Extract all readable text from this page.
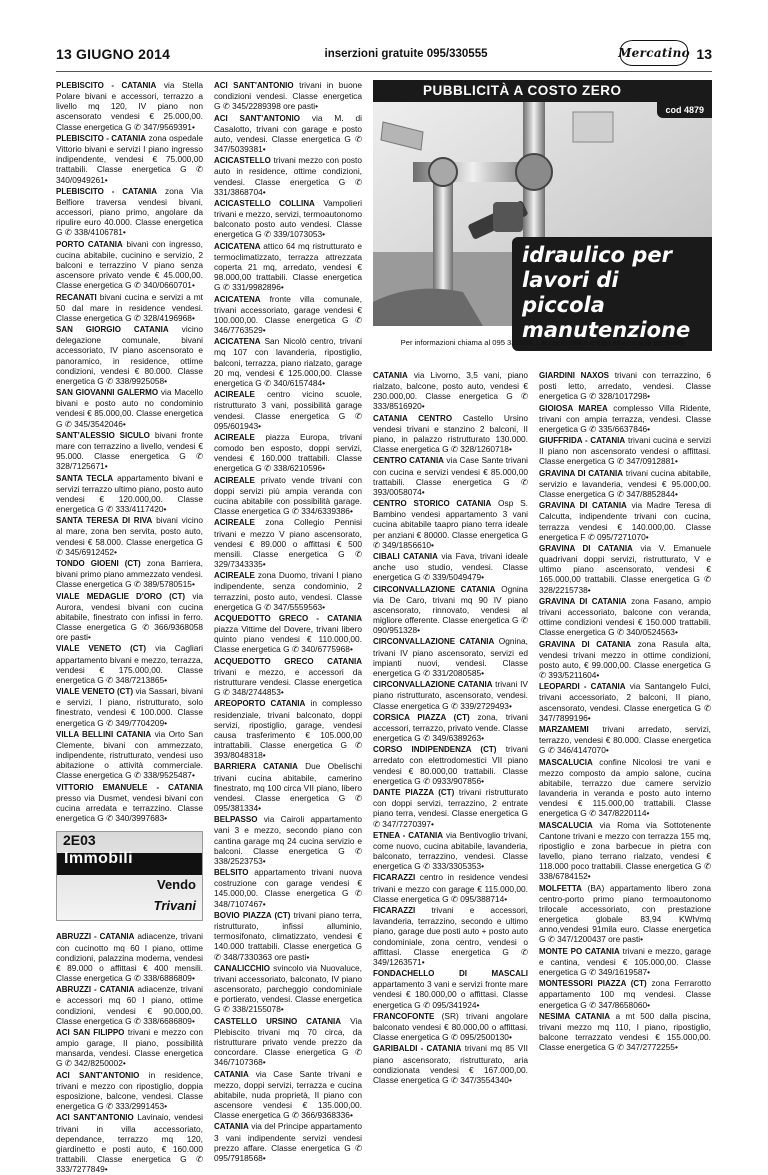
13 GIUGNO 2014	inserzioni gratuite 095/330555	Mercatino 13
PLEBISCITO - CATANIA via Stella Polare bivani e accessori, terrazzo a livello mq 120, IV piano non ascensorato vendesi € 25.000,00. Classe energetica G ✆ 347/9569391•
PLEBISCITO - CATANIA zona ospedale Vittorio bivani e servizi I piano ingresso indipendente, vendesi € 75.000,00 trattabili. Classe energetica G ✆ 340/0949261•
PLEBISCITO - CATANIA zona Via Belfiore traversa vendesi bivani, accessori, piano primo, angolare da ripulire euro 40.000. Classe energetica G ✆ 338/4106781•
PORTO CATANIA bivani con ingresso, cucina abitabile, cucinino e servizio, 2 balconi e terrazzino V piano senza ascensore privato vende € 45.000,00. Classe energetica G ✆ 340/0660701•
RECANATI bivani cucina e servizi a mt 50 dal mare in residence vendesi. Classe energetica G ✆ 328/4196968•
SAN GIORGIO CATANIA vicino delegazione comunale, bivani accessoriato, IV piano ascensorato e panoramico, in residence, ottime condizioni, vendesi € 80.000. Classe energetica G ✆ 338/9925058•
SAN GIOVANNI GALERMO via Macello bivani e posto auto no condominio vendesi € 85.000,00. Classe energetica G ✆ 345/3542046•
SANT'ALESSIO SICULO bivani fronte mare con terrazzino a livello, vendesi € 95.000. Classe energetica G ✆ 328/7125671•
SANTA TECLA appartamento bivani e servizi terrazzo ultimo piano, posto auto vendesi € 120.000,00. Classe energetica G ✆ 333/4117420•
SANTA TERESA DI RIVA bivani vicino al mare, zona ben servita, posto auto, vendesi € 58.000. Classe energetica G ✆ 345/6912452•
TONDO GIOENI (CT) zona Barriera, bivani primo piano ammezzato vendesi. Classe energetica G ✆ 389/5780515•
VIALE MEDAGLIE D'ORO (CT) via Aurora, vendesi bivani con cucina abitabile, finestrato con infissi in ferro. Classe energetica G ✆ 366/9368058 ore pasti•
VIALE VENETO (CT) via Cagliari appartamento bivani e mezzo, terrazza, vendesi € 175.000,00. Classe energetica G ✆ 348/7213865•
VIALE VENETO (CT) via Sassari, bivani e servizi, I piano, ristrutturato, solo finestrato, vendesi € 100.000. Classe energetica G ✆ 349/7704209•
VILLA BELLINI CATANIA via Orto San Clemente, bivani con ammezzato, indipendente, ristrutturato, vendesi uso abitazione o attività commerciale. Classe energetica G ✆ 338/9525487•
VITTORIO EMANUELE - CATANIA presso via Dusmet, vendesi bivani con cucina arredata e terrazzino. Classe energetica G ✆ 340/3997683•
2E03
Immobili
Vendo
Trivani
ABRUZZI - CATANIA adiacenze, trivani con cucinotto mq 60 I piano, ottime condizioni, palazzina moderna, vendesi € 89.000 o affittasi € 400 mensili. Classe energetica G ✆ 338/6886809•
ABRUZZI - CATANIA adiacenze, trivani e accessori mq 60 I piano, ottime condizioni, vendesi € 90.000,00. Classe energetica G ✆ 338/6686809•
ACI SAN FILIPPO trivani e mezzo con ampio garage, II piano, possibilità mansarda, vendesi. Classe energetica G ✆ 342/8250002•
ACI SANT'ANTONIO in residence, trivani e mezzo con ripostiglio, doppia esposizione, balcone, vendesi. Classe energetica G ✆ 333/2991453•
ACI SANT'ANTONIO Lavinaio, vendesi trivani in villa accessoriato, dependance, terrazzo mq 120, giardinetto e posti auto, € 160.000 trattabili. Classe energetica G ✆ 333/7277849•
ACI SANT'ANTONIO trivani in buone condizioni vendesi. Classe energetica G ✆ 345/2289398 ore pasti•
ACI SANT'ANTONIO via M. di Casalotto, trivani con garage e posto auto, vendesi. Classe energetica G ✆ 347/5039381•
ACICASTELLO trivani mezzo con posto auto in residence, ottime condizioni, vendesi. Classe energetica G ✆ 331/3868704•
ACICASTELLO COLLINA Vampolieri trivani e mezzo, servizi, termoautonomo balconato posto auto vendesi. Classe energetica G ✆ 339/1073053•
ACICATENA attico 64 mq ristrutturato e termoclimatizzato, terrazza attrezzata coperta 21 mq, arredato, vendesi € 98.000,00 trattabili. Classe energetica G ✆ 331/9982896•
ACICATENA fronte villa comunale, trivani accessoriato, garage vendesi € 100.000,00. Classe energetica G ✆ 346/7763529•
ACICATENA San Nicolò centro, trivani mq 107 con lavanderia, ripostiglio, balconi, terrazza, piano rialzato, garage 20 mq, vendesi € 125.000,00. Classe energetica G ✆ 340/6157484•
ACIREALE centro vicino scuole, ristrutturato 3 vani, possibilità garage vendesi. Classe energetica G ✆ 095/601943•
ACIREALE piazza Europa, trivani comodo ben esposto, doppi servizi, vendesi € 160.000 trattabili. Classe energetica G ✆ 338/6210596•
ACIREALE privato vende trivani con doppi servizi più ampia veranda con cucina abitabile con possibilità garage. Classe energetica G ✆ 334/6339386•
ACIREALE zona Collegio Pennisi trivani e mezzo V piano ascensorato, vendesi € 89.000 o affittasi € 500 mensili. Classe energetica G ✆ 329/7343335•
ACIREALE zona Duomo, trivani I piano indipendente, senza condominio, 2 terrazzini, posto auto, vendesi. Classe energetica G ✆ 347/5559563•
ACQUEDOTTO GRECO - CATANIA piazza Vittime del Dovere, trivani libero quinto piano vendesi € 110.000,00. Classe energetica G ✆ 340/6775968•
ACQUEDOTTO GRECO CATANIA trivani e mezzo, e accessori da ristrutturare vendesi. Classe energetica G ✆ 348/2744853•
AREOPORTO CATANIA in complesso residenziale, trivani balconato, doppi servizi, ripostiglio, garage, vendesi causa trasferimento € 105.000,00 intrattabili. Classe energetica G ✆ 393/8048318•
BARRIERA CATANIA Due Obelischi trivani cucina abitabile, camerino finestrato, mq 100 circa VII piano, libero vendesi. Classe energetica G ✆ 095/381334•
BELPASSO via Cairoli appartamento vani 3 e mezzo, secondo piano con cantina garage mq 24 cucina servizio e balconi. Classe energetica G ✆ 338/2523753•
BELSITO appartamento trivani nuova costruzione con garage vendesi € 145.000,00. Classe energetica G ✆ 348/7107467•
BOVIO PIAZZA (CT) trivani piano terra, ristrutturato, infissi alluminio, termosifonato, climatizzato, vendesi € 140.000 trattabili. Classe energetica G ✆ 348/7330363 ore pasti•
CANALICCHIO svincolo via Nuovaluce, trivani accessoriato, balconato, IV piano ascensorato, parcheggio condominiale e portierato, vendesi. Classe energetica G ✆ 338/2155078•
CASTELLO URSINO CATANIA Via Plebiscito trivani mq 70 circa, da ristrutturare privato vende prezzo da concordare. Classe energetica G ✆ 346/7107368•
CATANIA via Case Sante trivani e mezzo, doppi servizi, terrazza e cucina abitabile, nuda proprietà, II piano con ascensore vendesi € 135.000,00. Classe energetica G ✆ 366/9368336•
CATANIA via del Principe appartamento 3 vani indipendente servizi vendesi prezzo affare. Classe energetica G ✆ 095/7918568•
PUBBLICITÀ A COSTO ZERO
cod 4879
idraulico per lavori di
piccola manutenzione
Per informazioni chiama al 095 330555. Lascia il codice e dai i tuoi recapiti personali
CATANIA via Livorno, 3,5 vani, piano rialzato, balcone, posto auto, vendesi € 230.000,00. Classe energetica G ✆ 333/8516920•
CATANIA CENTRO Castello Ursino vendesi trivani e stanzino 2 balconi, II piano, in palazzo ristrutturato 130.000. Classe energetica G ✆ 328/1260718•
CENTRO CATANIA via Case Sante trivani con cucina e servizi vendesi € 85.000,00 trattabili. Classe energetica G ✆ 393/0058074•
CENTRO STORICO CATANIA Osp S. Bambino vendesi appartamento 3 vani cucina abitabile taapro piano terra ideale per anziani € 80000. Classe energetica G ✆ 349/1856610•
CIBALI CATANIA via Fava, trivani ideale anche uso studio, vendesi. Classe energetica G ✆ 339/5049479•
CIRCONVALLAZIONE CATANIA Ognina via De Caro, trivani mq 90 IV piano ascensorato, rinnovato, vendesi al migliore offerente. Classe energetica G ✆ 090/951328•
CIRCONVALLAZIONE CATANIA Ognina, trivani IV piano ascensorato, servizi ed impianti nuovi, vendesi. Classe energetica G ✆ 331/2080585•
CIRCONVALLAZIONE CATANIA trivani IV piano ristrutturato, ascensorato, vendesi. Classe energetica G ✆ 339/2729493•
CORSICA PIAZZA (CT) zona, trivani accessori, terrazzo, privato vende. Classe energetica G ✆ 349/6389263•
CORSO INDIPENDENZA (CT) trivani arredato con elettrodomestici VII piano vendesi € 80.000,00 trattabili. Classe energetica G ✆ 0933/907856•
DANTE PIAZZA (CT) trivani ristrutturato con doppi servizi, terrazzino, 2 entrate piano terra, vendesi. Classe energetica G ✆ 347/7270397•
ETNEA - CATANIA via Bentivoglio trivani, come nuovo, cucina abitabile, lavanderia, balconato, terrazzino, vendesi. Classe energetica G ✆ 333/3305353•
FICARAZZI centro in residence vendesi trivani e mezzo con garage € 115.000,00. Classe energetica G ✆ 095/388714•
FICARAZZI trivani e accessori, lavanderia, terrazzino, secondo e ultimo piano, garage due posti auto + posto auto condominiale, zona centro, vendesi o affittasi. Classe energetica G ✆ 349/1263571•
FONDACHELLO DI MASCALI appartamento 3 vani e servizi fronte mare vendesi € 180.000,00 o affittasi. Classe energetica G ✆ 095/341924•
FRANCOFONTE (SR) trivani angolare balconato vendesi € 80.000,00 o affittasi. Classe energetica G ✆ 095/2500130•
GARIBALDI - CATANIA trivani mq 85 VII piano ascensorato, ristrutturato, aria condizionata vendesi € 167.000,00. Classe energetica G ✆ 347/3554340•
GIARDINI NAXOS trivani con terrazzino, 6 posti letto, arredato, vendesi. Classe energetica G ✆ 328/1017298•
GIOIOSA MAREA complesso Villa Ridente, trivani con ampia terrazza, vendesi. Classe energetica G ✆ 335/6637846•
GIUFFRIDA - CATANIA trivani cucina e servizi II piano non ascensorato vendesi o affittasi. Classe energetica G ✆ 347/0912881•
GRAVINA DI CATANIA trivani cucina abitabile, servizio e lavanderia, vendesi € 95.000,00. Classe energetica G ✆ 347/8852844•
GRAVINA DI CATANIA via Madre Teresa di Calcutta, indipendente trivani con cucina, terrazza vendesi € 140.000,00. Classe energetica F ✆ 095/7271070•
GRAVINA DI CATANIA via V. Emanuele quadrivani doppi servizi, ristrutturato, V e ultimo piano ascensorato, vendesi € 165.000,00 trattabili. Classe energetica G ✆ 328/2215738•
GRAVINA DI CATANIA zona Fasano, ampio trivani accessoriato, balcone con veranda, ottime condizioni vendesi € 150.000 trattabili. Classe energetica G ✆ 340/0524563•
GRAVINA DI CATANIA zona Rasula alta, vendesi trivani mezzo in ottime condizioni, posto auto, € 99.000,00. Classe energetica G ✆ 393/5211604•
LEOPARDI - CATANIA via Santangelo Fulci, trivani accessoriato, 2 balconi, II piano, ascensorato, vendesi. Classe energetica G ✆ 347/7899196•
MARZAMEMI trivani arredato, servizi, terrazzo, vendesi € 80.000. Classe energetica G ✆ 346/4147070•
MASCALUCIA confine Nicolosi tre vani e mezzo composto da ampio salone, cucina abitabile, terrazzo due camere servizio lavanderia in veranda e posto auto interno vendesi € 115.000,00 trattabili. Classe energetica G ✆ 347/8220114•
MASCALUCIA via Roma via Sottotenente Cantone trivani e mezzo con terrazza 155 mq, ripostiglio e zona barbecue in pietra con lavello, piano terrano rialzato, vendesi € 118.000 poco trattabili. Classe energetica G ✆ 338/6784152•
MOLFETTA (BA) appartamento libero zona centro-porto primo piano termoautonomo trilocale accessoriato, con prestazione energetica globale 83,94 KWh/mq anno,vendesi 91mila euro. Classe energetica G ✆ 347/1200437 ore pasti•
MONTE PO CATANIA trivani e mezzo, garage e cantina, vendesi € 105.000,00. Classe energetica G ✆ 349/1619587•
MONTESSORI PIAZZA (CT) zona Ferrarotto appartamento 100 mq vendesi. Classe energetica G ✆ 347/8658060•
NESIMA CATANIA a mt 500 dalla piscina, trivani mezzo mq 110, I piano, ripostiglio, balcone terrazzato vendesi € 155.000,00. Classe energetica G ✆ 347/2772255•
